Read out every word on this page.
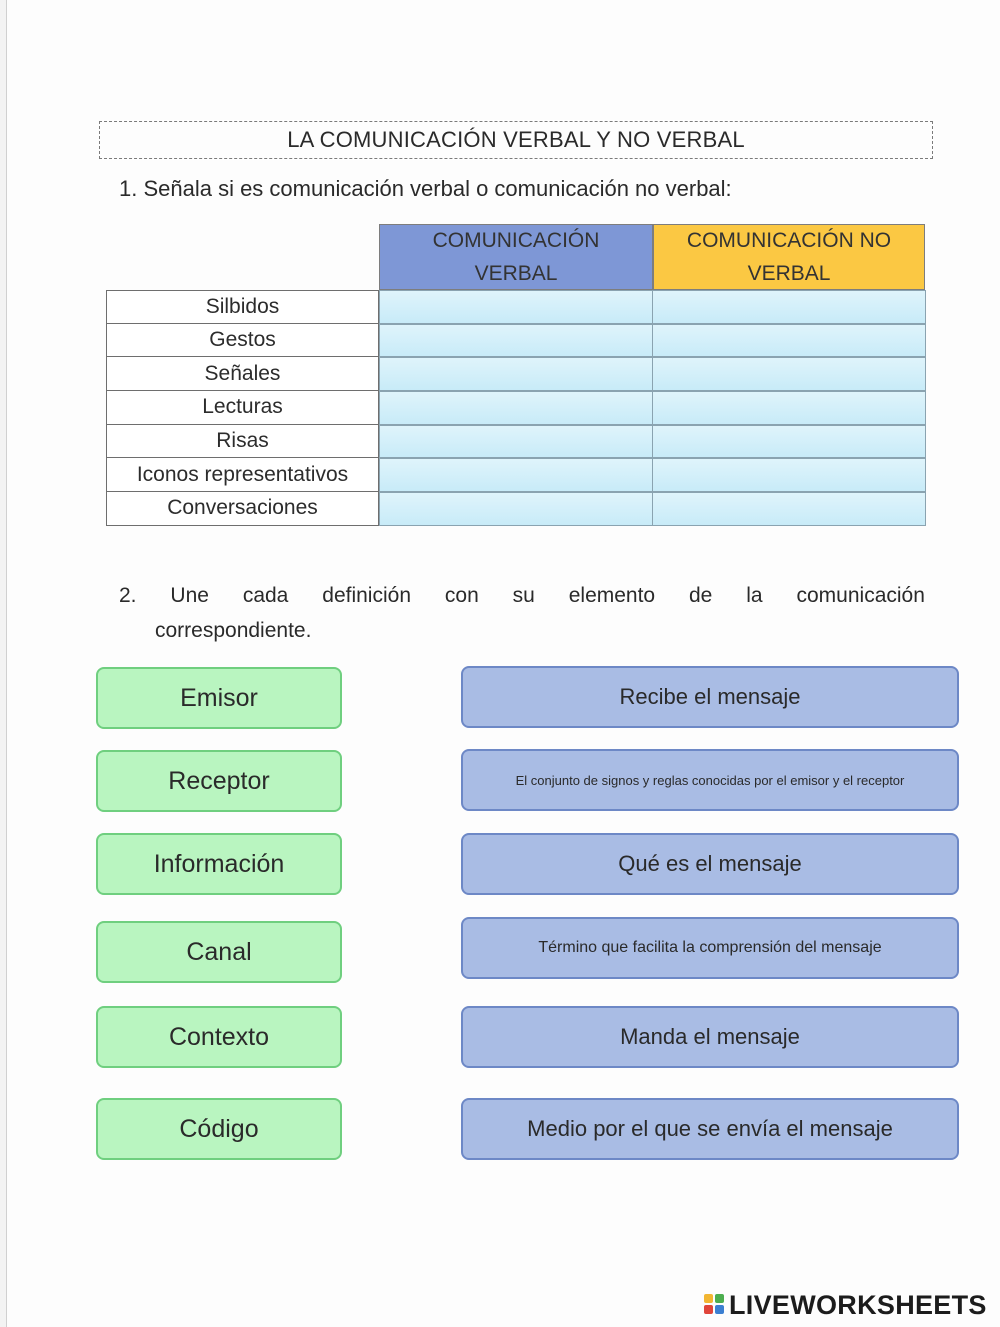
LA COMUNICACIÓN VERBAL Y NO VERBAL
1. Señala si es comunicación verbal o comunicación no verbal:
COMUNICACIÓN VERBAL
COMUNICACIÓN NO VERBAL
Silbidos
Gestos
Señales
Lecturas
Risas
Iconos representativos
Conversaciones
2. Une cada definición con su elemento de la comunicación
correspondiente.
Emisor
Receptor
Información
Canal
Contexto
Código
Recibe el mensaje
El conjunto de signos y reglas conocidas por el emisor y el receptor
Qué es el mensaje
Término que facilita la comprensión del mensaje
Manda el mensaje
Medio por el que se envía el mensaje
LIVEWORKSHEETS
